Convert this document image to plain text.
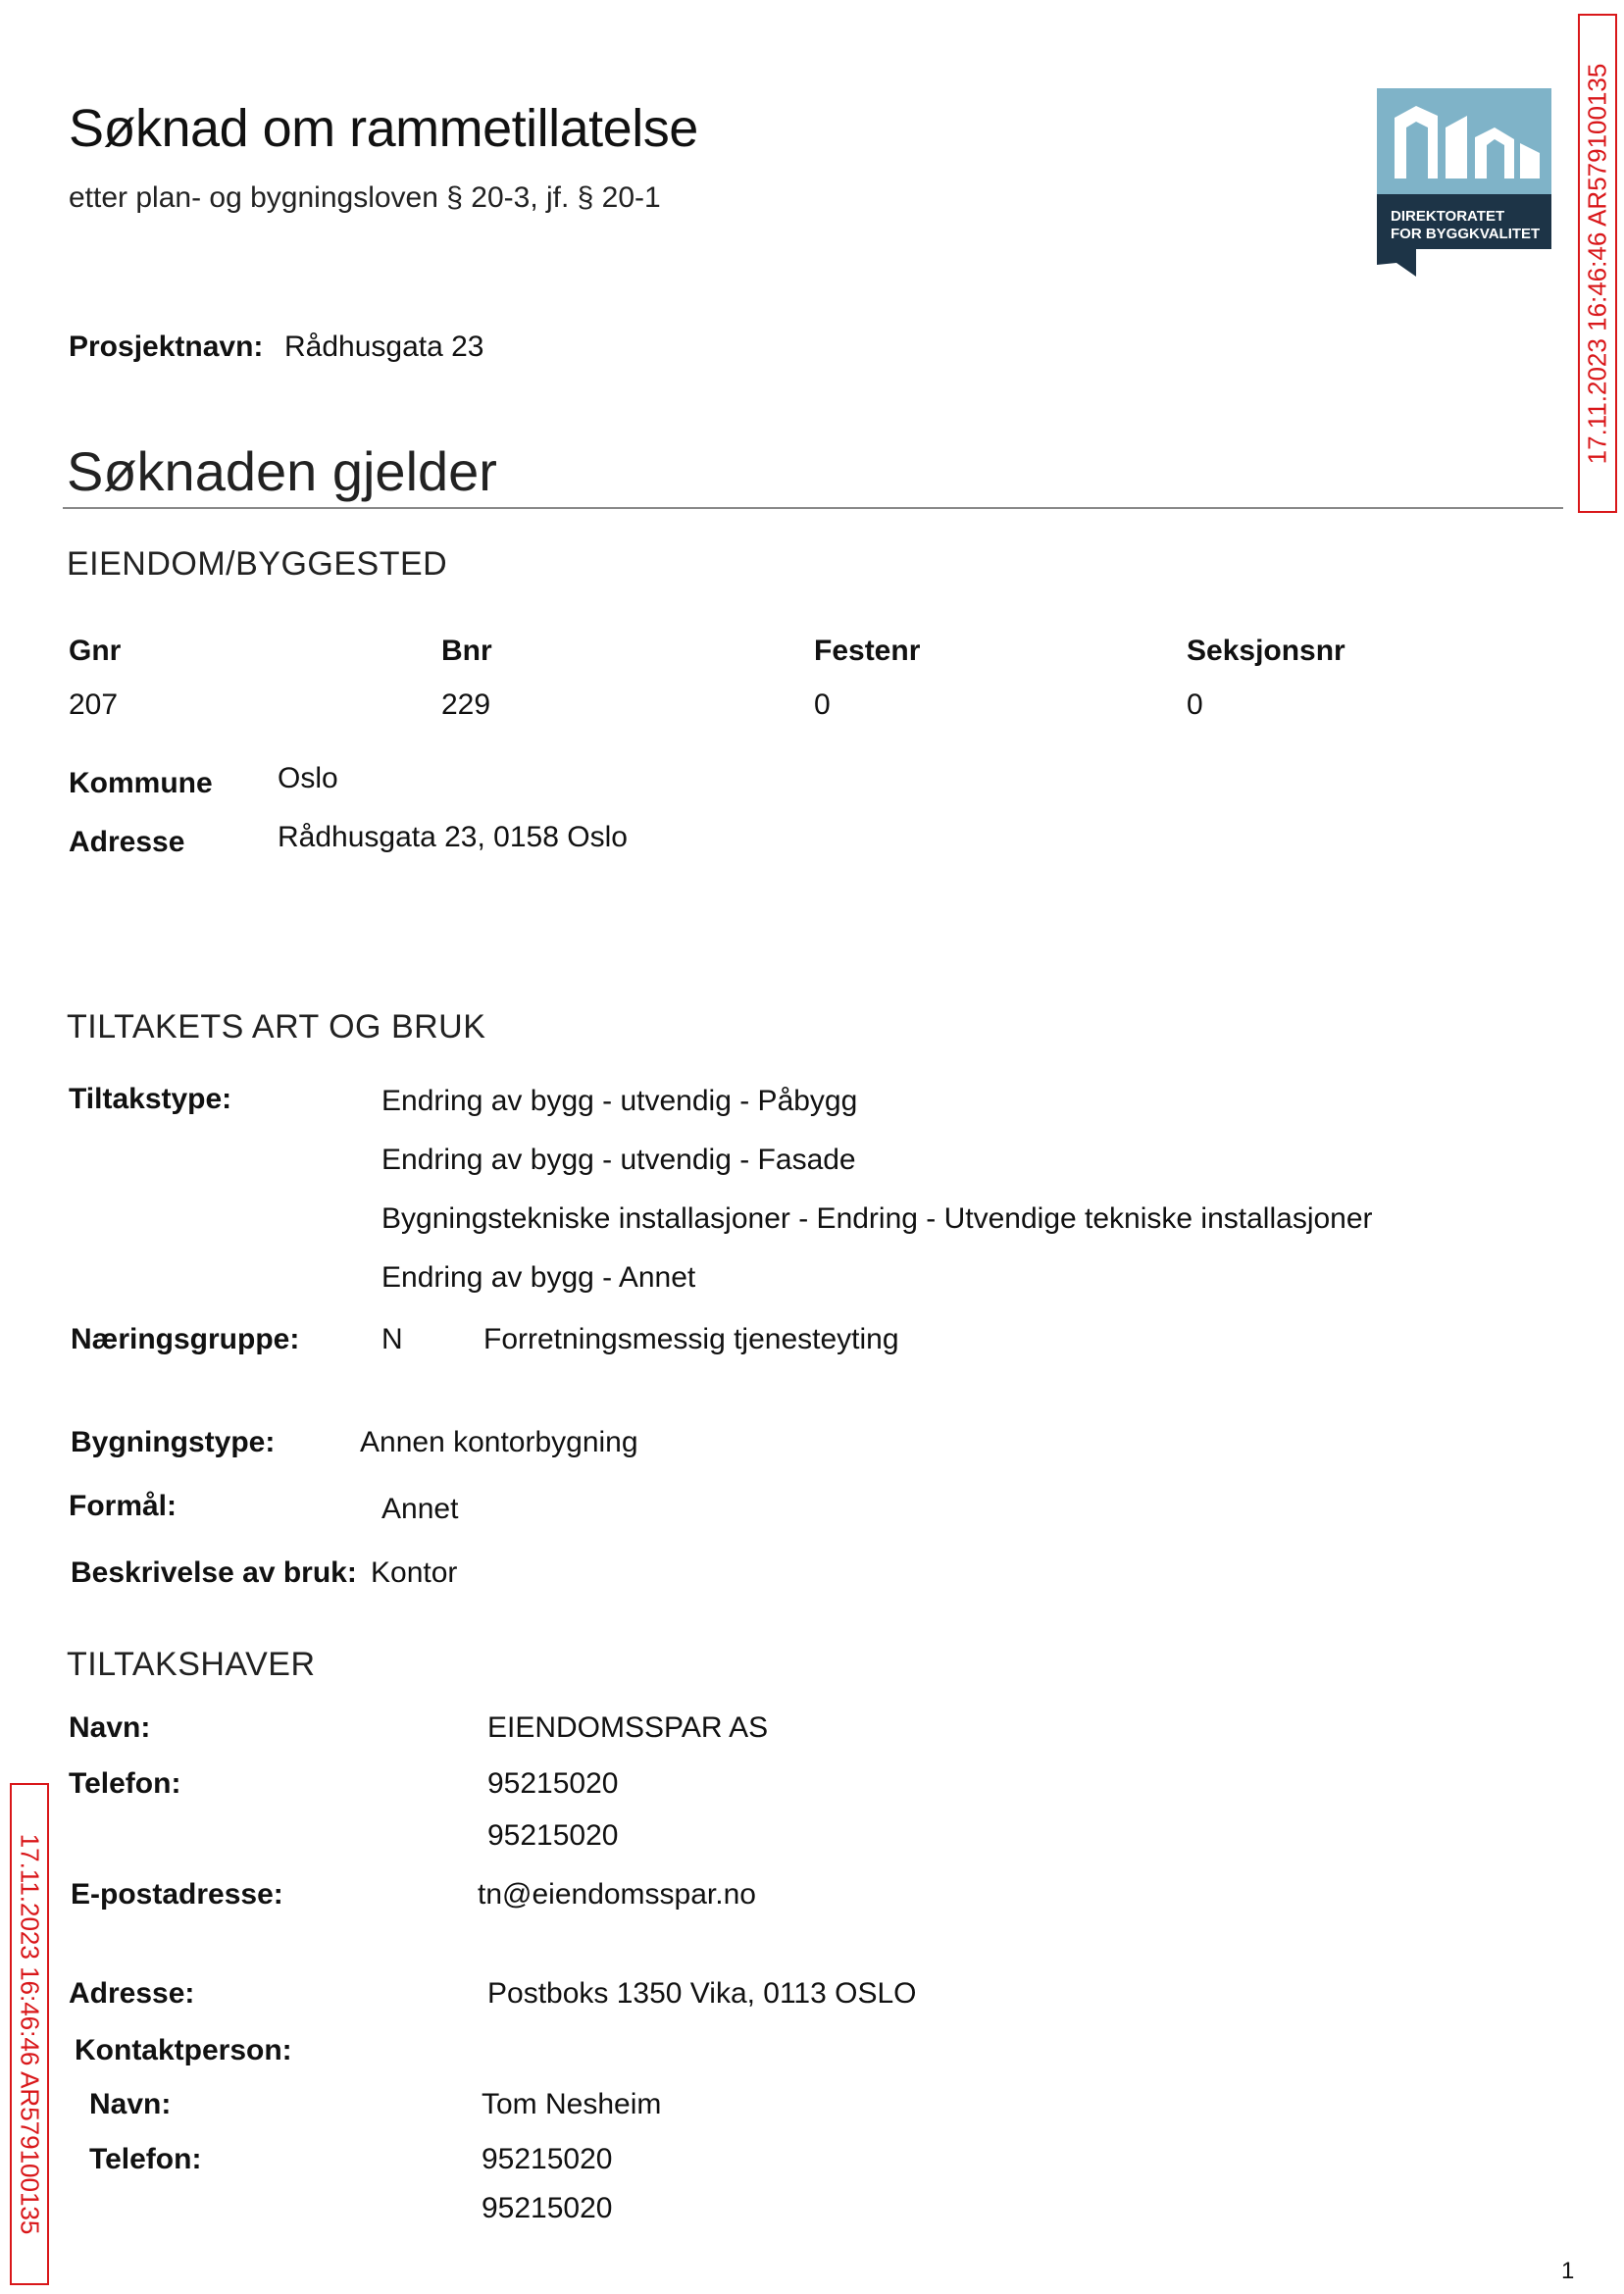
Søknad om rammetillatelse
etter plan- og bygningsloven § 20-3, jf. § 20-1
DIREKTORATET
FOR BYGGKVALITET 17.11.2023 16:46:46 AR579100135
17.11.2023 16:46:46 AR579100135
Prosjektnavn: Rådhusgata 23
Søknaden gjelder
EIENDOM/BYGGESTED
Gnr	Bnr	Festenr	Seksjonsnr
207	229	0	0
Kommune Oslo
Adresse	Rådhusgata 23, 0158 Oslo
TILTAKETS ART OG BRUK
Tiltakstype:	Endring av bygg - utvendig - Påbygg
Endring av bygg - utvendig - Fasade
Bygningstekniske installasjoner - Endring - Utvendige tekniske installasjoner
Endring av bygg - Annet
Næringsgruppe:	N	Forretningsmessig tjenesteyting
Bygningstype:	Annen kontorbygning
Formål:	Annet
Beskrivelse av bruk: Kontor
TILTAKSHAVER
Navn:	EIENDOMSSPAR AS
Telefon:	95215020
95215020
E-postadresse:	tn@eiendomsspar.no
Adresse:	Postboks 1350 Vika, 0113 OSLO
Kontaktperson:
Navn:	Tom Nesheim
Telefon:	95215020
95215020
1
